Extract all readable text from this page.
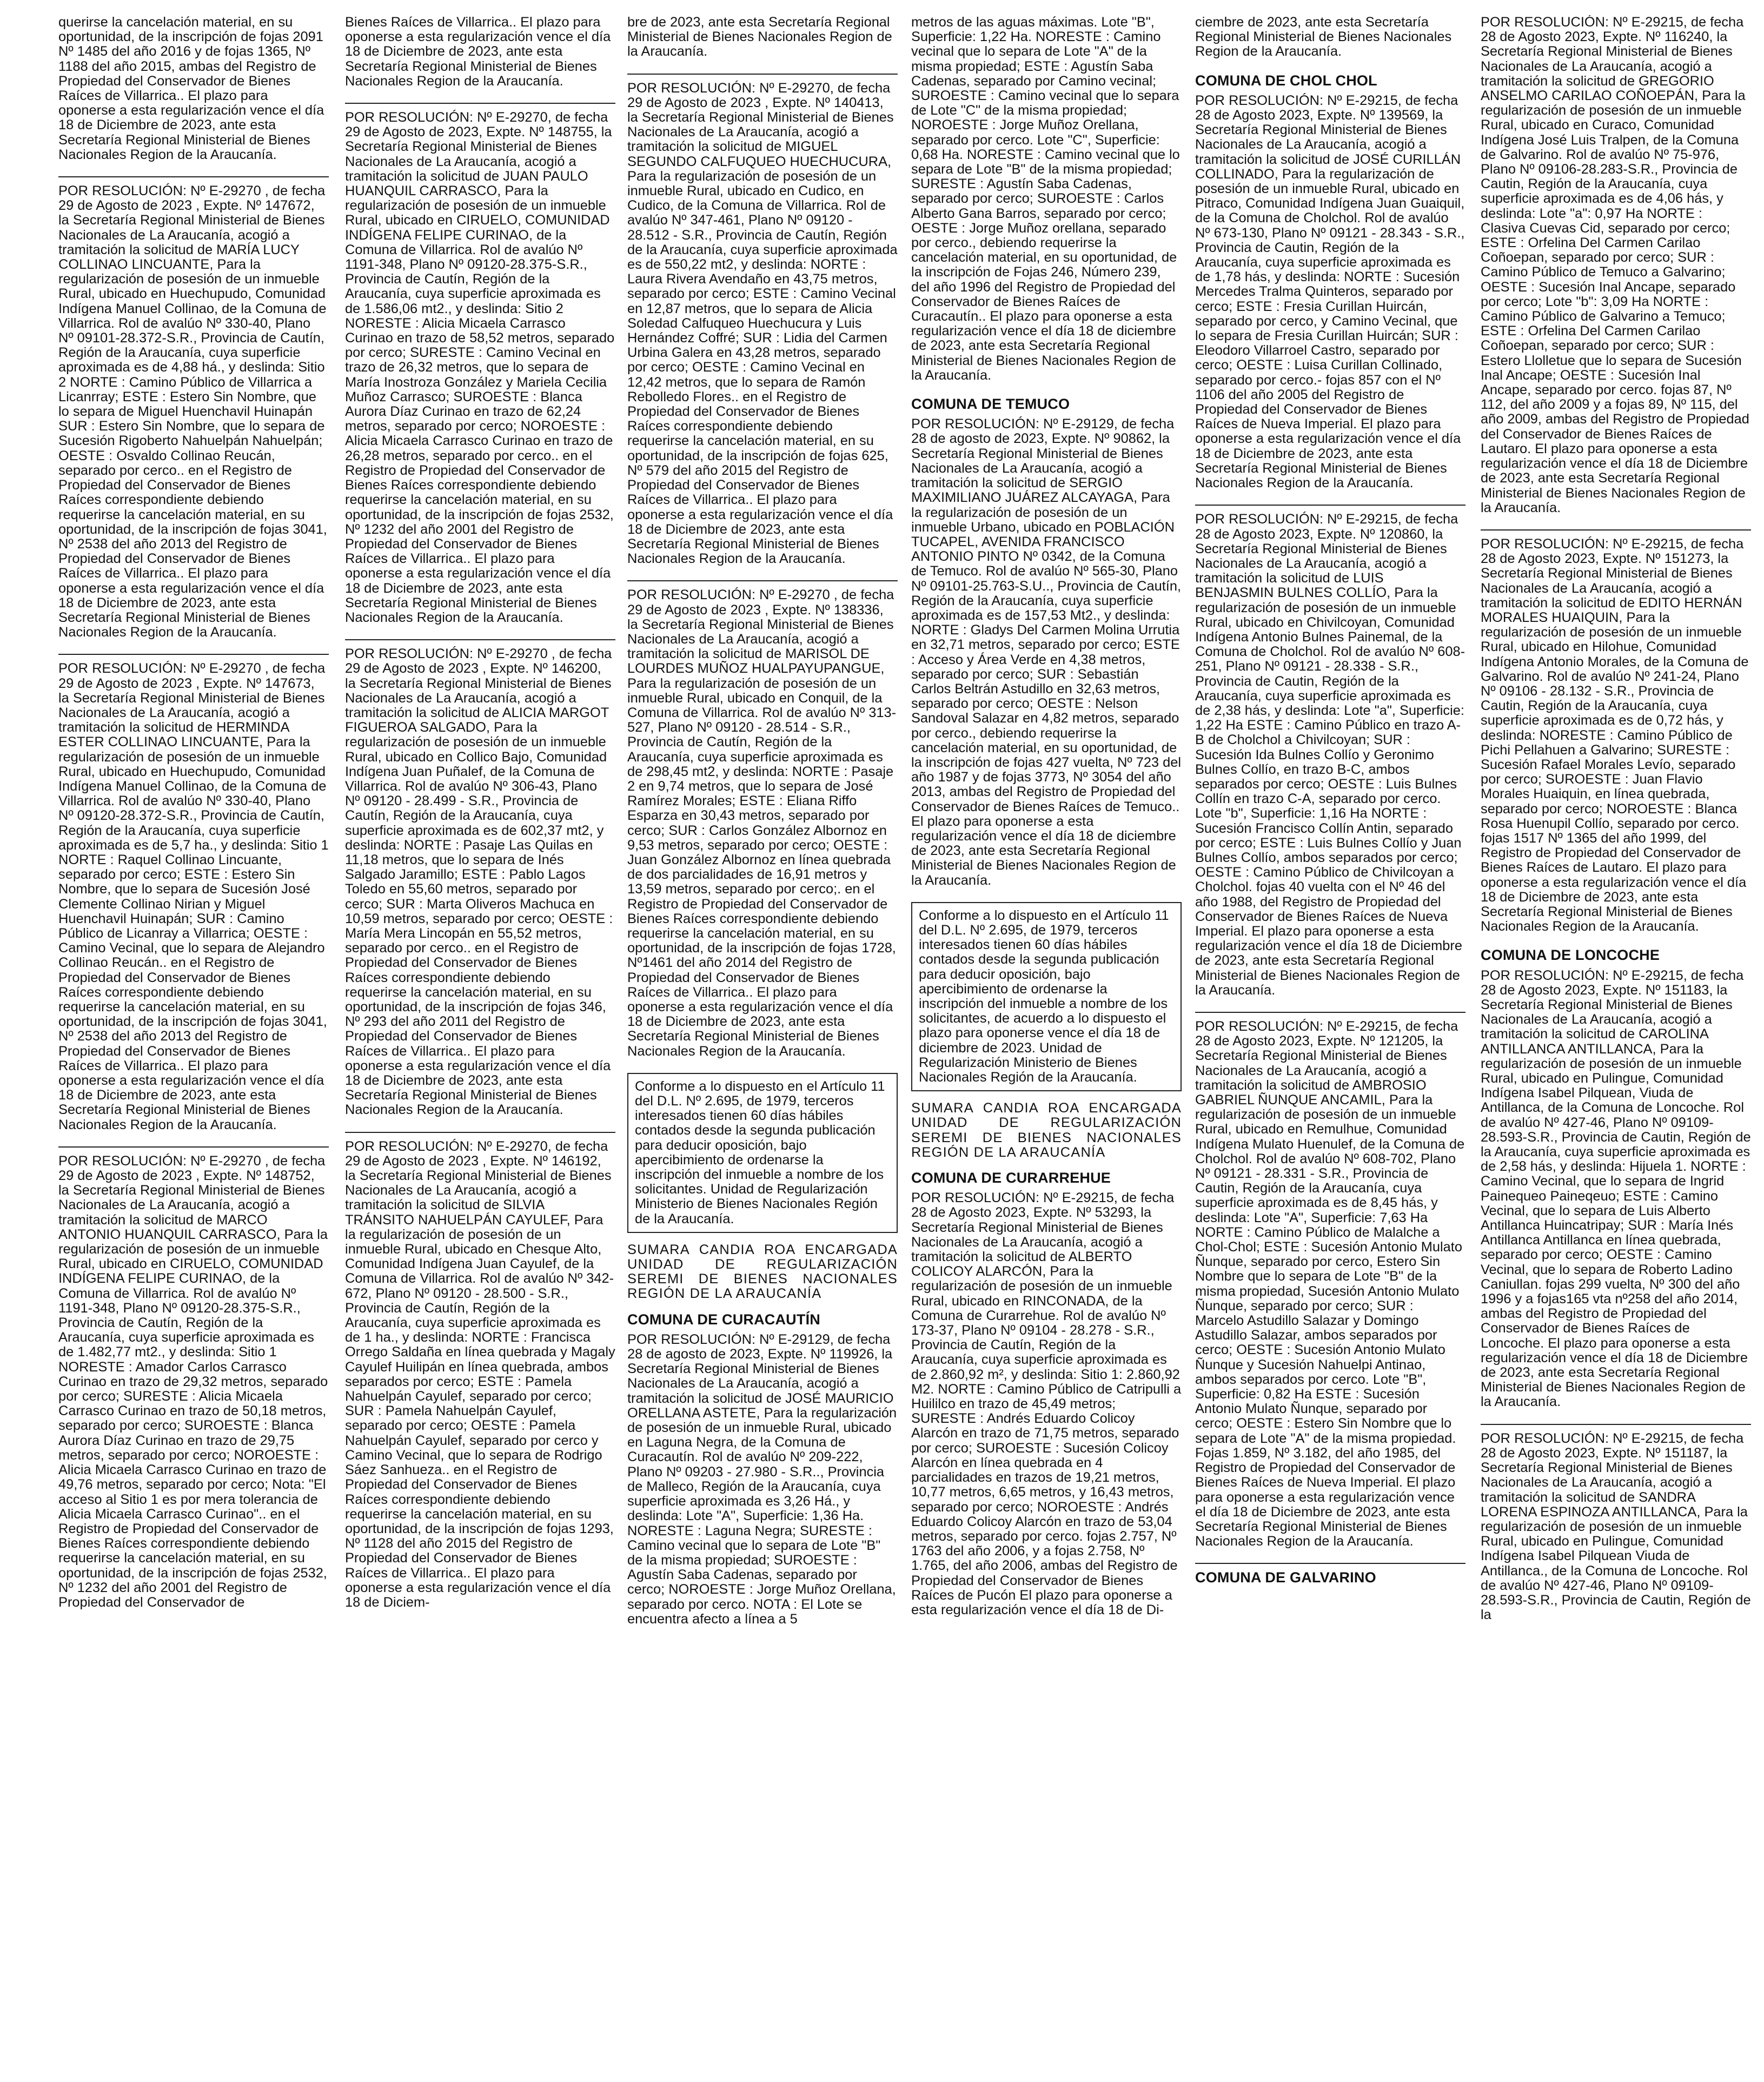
querirse la cancelación material, en su oportunidad, de la inscripción de fojas 2091 Nº 1485 del año 2016 y de fojas 1365, Nº 1188 del año 2015, ambas del Registro de Propiedad del Conservador de Bienes Raíces de Villarrica.. El plazo para oponerse a esta regularización vence el día 18 de Diciembre de 2023, ante esta Secretaría Regional Ministerial de Bienes Nacionales Region de la Araucanía.

POR RESOLUCIÓN: Nº E-29270 , de fecha 29 de Agosto de 2023 , Expte. Nº 147672, la Secretaría Regional Ministerial de Bienes Nacionales de La Araucanía, acogió a tramitación la solicitud de MARÍA LUCY COLLINAO LINCUANTE, Para la regularización de posesión de un inmueble Rural, ubicado en Huechupudo, Comunidad Indígena Manuel Collinao, de la Comuna de Villarrica. Rol de avalúo Nº 330-40, Plano Nº 09101-28.372-S.R., Provincia de Cautín, Región de la Araucanía, cuya superficie aproximada es de 4,88 há., y deslinda: Sitio 2 NORTE : Camino Público de Villarrica a Licanrray; ESTE : Estero Sin Nombre, que lo separa de Miguel Huenchavil Huinapán SUR : Estero Sin Nombre, que lo separa de Sucesión Rigoberto Nahuelpán Nahuelpán; OESTE : Osvaldo Collinao Reucán, separado por cerco.. en el Registro de Propiedad del Conservador de Bienes Raíces correspondiente debiendo requerirse la cancelación material, en su oportunidad, de la inscripción de fojas 3041, Nº 2538 del año 2013 del Registro de Propiedad del Conservador de Bienes Raíces de Villarrica.. El plazo para oponerse a esta regularización vence el día 18 de Diciembre de 2023, ante esta Secretaría Regional Ministerial de Bienes Nacionales Region de la Araucanía.

POR RESOLUCIÓN: Nº E-29270 , de fecha 29 de Agosto de 2023 , Expte. Nº 147673, la Secretaría Regional Ministerial de Bienes Nacionales de La Araucanía, acogió a tramitación la solicitud de HERMINDA ESTER COLLINAO LINCUANTE, Para la regularización de posesión de un inmueble Rural, ubicado en Huechupudo, Comunidad Indígena Manuel Collinao, de la Comuna de Villarrica. Rol de avalúo Nº 330-40, Plano Nº 09120-28.372-S.R., Provincia de Cautín, Región de la Araucanía, cuya superficie aproximada es de 5,7 ha., y deslinda: Sitio 1 NORTE : Raquel Collinao Lincuante, separado por cerco; ESTE : Estero Sin Nombre, que lo separa de Sucesión José Clemente Collinao Nirian y Miguel Huenchavil Huinapán; SUR : Camino Público de Licanray a Villarrica; OESTE : Camino Vecinal, que lo separa de Alejandro Collinao Reucán.. en el Registro de Propiedad del Conservador de Bienes Raíces correspondiente debiendo requerirse la cancelación material, en su oportunidad, de la inscripción de fojas 3041, Nº 2538 del año 2013 del Registro de Propiedad del Conservador de Bienes Raíces de Villarrica.. El plazo para oponerse a esta regularización vence el día 18 de Diciembre de 2023, ante esta Secretaría Regional Ministerial de Bienes Nacionales Region de la Araucanía.

POR RESOLUCIÓN: Nº E-29270 , de fecha 29 de Agosto de 2023 , Expte. Nº 148752, la Secretaría Regional Ministerial de Bienes Nacionales de La Araucanía, acogió a tramitación la solicitud de MARCO ANTONIO HUANQUIL CARRASCO, Para la regularización de posesión de un inmueble Rural, ubicado en CIRUELO, COMUNIDAD INDÍGENA FELIPE CURINAO, de la Comuna de Villarrica. Rol de avalúo Nº 1191-348, Plano Nº 09120-28.375-S.R., Provincia de Cautín, Región de la Araucanía, cuya superficie aproximada es de 1.482,77 mt2., y deslinda: Sitio 1 NORESTE : Amador Carlos Carrasco Curinao en trazo de 29,32 metros, separado por cerco; SURESTE : Alicia Micaela Carrasco Curinao en trazo de 50,18 metros, separado por cerco; SUROESTE : Blanca Aurora Díaz Curinao en trazo de 29,75 metros, separado por cerco; NOROESTE : Alicia Micaela Carrasco Curinao en trazo de 49,76 metros, separado por cerco; Nota: "El acceso al Sitio 1 es por mera tolerancia de Alicia Micaela Carrasco Curinao".. en el Registro de Propiedad del Conservador de Bienes Raíces correspondiente debiendo requerirse la cancelación material, en su oportunidad, de la inscripción de fojas 2532, Nº 1232 del año 2001 del Registro de Propiedad del Conservador de

Bienes Raíces de Villarrica.. El plazo para oponerse a esta regularización vence el día 18 de Diciembre de 2023, ante esta Secretaría Regional Ministerial de Bienes Nacionales Region de la Araucanía.

POR RESOLUCIÓN: Nº E-29270, de fecha 29 de Agosto de 2023, Expte. Nº 148755, la Secretaría Regional Ministerial de Bienes Nacionales de La Araucanía, acogió a tramitación la solicitud de JUAN PAULO HUANQUIL CARRASCO, Para la regularización de posesión de un inmueble Rural, ubicado en CIRUELO, COMUNIDAD INDÍGENA FELIPE CURINAO, de la Comuna de Villarrica. Rol de avalúo Nº 1191-348, Plano Nº 09120-28.375-S.R., Provincia de Cautín, Región de la Araucanía, cuya superficie aproximada es de 1.586,06 mt2., y deslinda: Sitio 2 NORESTE : Alicia Micaela Carrasco Curinao en trazo de 58,52 metros, separado por cerco; SURESTE : Camino Vecinal en trazo de 26,32 metros, que lo separa de María Inostroza González y Mariela Cecilia Muñoz Carrasco; SUROESTE : Blanca Aurora Díaz Curinao en trazo de 62,24 metros, separado por cerco; NOROESTE : Alicia Micaela Carrasco Curinao en trazo de 26,28 metros, separado por cerco.. en el Registro de Propiedad del Conservador de Bienes Raíces correspondiente debiendo requerirse la cancelación material, en su oportunidad, de la inscripción de fojas 2532, Nº 1232 del año 2001 del Registro de Propiedad del Conservador de Bienes Raíces de Villarrica.. El plazo para oponerse a esta regularización vence el día 18 de Diciembre de 2023, ante esta Secretaría Regional Ministerial de Bienes Nacionales Region de la Araucanía.

POR RESOLUCIÓN: Nº E-29270 , de fecha 29 de Agosto de 2023 , Expte. Nº 146200, la Secretaría Regional Ministerial de Bienes Nacionales de La Araucanía, acogió a tramitación la solicitud de ALICIA MARGOT FIGUEROA SALGADO, Para la regularización de posesión de un inmueble Rural, ubicado en Collico Bajo, Comunidad Indígena Juan Puñalef, de la Comuna de Villarrica. Rol de avalúo Nº 306-43, Plano Nº 09120 - 28.499 - S.R., Provincia de Cautín, Región de la Araucanía, cuya superficie aproximada es de 602,37 mt2, y deslinda: NORTE : Pasaje Las Quilas en 11,18 metros, que lo separa de Inés Salgado Jaramillo; ESTE : Pablo Lagos Toledo en 55,60 metros, separado por cerco; SUR : Marta Oliveros Machuca en 10,59 metros, separado por cerco; OESTE : María Mera Lincopán en 55,52 metros, separado por cerco.. en el Registro de Propiedad del Conservador de Bienes Raíces correspondiente debiendo requerirse la cancelación material, en su oportunidad, de la inscripción de fojas 346, Nº 293 del año 2011 del Registro de Propiedad del Conservador de Bienes Raíces de Villarrica.. El plazo para oponerse a esta regularización vence el día 18 de Diciembre de 2023, ante esta Secretaría Regional Ministerial de Bienes Nacionales Region de la Araucanía.

POR RESOLUCIÓN: Nº E-29270, de fecha 29 de Agosto de 2023 , Expte. Nº 146192, la Secretaría Regional Ministerial de Bienes Nacionales de La Araucanía, acogió a tramitación la solicitud de SILVIA TRÁNSITO NAHUELPÁN CAYULEF, Para la regularización de posesión de un inmueble Rural, ubicado en Chesque Alto, Comunidad Indígena Juan Cayulef, de la Comuna de Villarrica. Rol de avalúo Nº 342-672, Plano Nº 09120 - 28.500 - S.R., Provincia de Cautín, Región de la Araucanía, cuya superficie aproximada es de 1 ha., y deslinda: NORTE : Francisca Orrego Saldaña en línea quebrada y Magaly Cayulef Huilipán en línea quebrada, ambos separados por cerco; ESTE : Pamela Nahuelpán Cayulef, separado por cerco; SUR : Pamela Nahuelpán Cayulef, separado por cerco; OESTE : Pamela Nahuelpán Cayulef, separado por cerco y Camino Vecinal, que lo separa de Rodrigo Sáez Sanhueza.. en el Registro de Propiedad del Conservador de Bienes Raíces correspondiente debiendo requerirse la cancelación material, en su oportunidad, de la inscripción de fojas 1293, Nº 1128 del año 2015 del Registro de Propiedad del Conservador de Bienes Raíces de Villarrica.. El plazo para oponerse a esta regularización vence el día 18 de Diciem-

bre de 2023, ante esta Secretaría Regional Ministerial de Bienes Nacionales Region de la Araucanía.

POR RESOLUCIÓN: Nº E-29270, de fecha 29 de Agosto de 2023 , Expte. Nº 140413, la Secretaría Regional Ministerial de Bienes Nacionales de La Araucanía, acogió a tramitación la solicitud de MIGUEL SEGUNDO CALFUQUEO HUECHUCURA, Para la regularización de posesión de un inmueble Rural, ubicado en Cudico, en Cudico, de la Comuna de Villarrica. Rol de avalúo Nº 347-461, Plano Nº 09120 - 28.512 - S.R., Provincia de Cautín, Región de la Araucanía, cuya superficie aproximada es de 550,22 mt2, y deslinda: NORTE : Laura Rivera Avendaño en 43,75 metros, separado por cerco; ESTE : Camino Vecinal en 12,87 metros, que lo separa de Alicia Soledad Calfuqueo Huechucura y Luis Hernández Coffré; SUR : Lidia del Carmen Urbina Galera en 43,28 metros, separado por cerco; OESTE : Camino Vecinal en 12,42 metros, que lo separa de Ramón Rebolledo Flores.. en el Registro de Propiedad del Conservador de Bienes Raíces correspondiente debiendo requerirse la cancelación material, en su oportunidad, de la inscripción de fojas 625, Nº 579 del año 2015 del Registro de Propiedad del Conservador de Bienes Raíces de Villarrica.. El plazo para oponerse a esta regularización vence el día 18 de Diciembre de 2023, ante esta Secretaría Regional Ministerial de Bienes Nacionales Region de la Araucanía.

POR RESOLUCIÓN: Nº E-29270 , de fecha 29 de Agosto de 2023 , Expte. Nº 138336, la Secretaría Regional Ministerial de Bienes Nacionales de La Araucanía, acogió a tramitación la solicitud de MARISOL DE LOURDES MUÑOZ HUALPAYUPANGUE, Para la regularización de posesión de un inmueble Rural, ubicado en Conquil, de la Comuna de Villarrica. Rol de avalúo Nº 313-527, Plano Nº 09120 - 28.514 - S.R., Provincia de Cautín, Región de la Araucanía, cuya superficie aproximada es de 298,45 mt2, y deslinda: NORTE : Pasaje 2 en 9,74 metros, que lo separa de José Ramírez Morales; ESTE : Eliana Riffo Esparza en 30,43 metros, separado por cerco; SUR : Carlos González Albornoz en 9,53 metros, separado por cerco; OESTE : Juan González Albornoz en línea quebrada de dos parcialidades de 16,91 metros y 13,59 metros, separado por cerco;. en el Registro de Propiedad del Conservador de Bienes Raíces correspondiente debiendo requerirse la cancelación material, en su oportunidad, de la inscripción de fojas 1728, Nº1461 del año 2014 del Registro de Propiedad del Conservador de Bienes Raíces de Villarrica.. El plazo para oponerse a esta regularización vence el día 18 de Diciembre de 2023, ante esta Secretaría Regional Ministerial de Bienes Nacionales Region de la Araucanía.

Conforme a lo dispuesto en el Artículo 11 del D.L. Nº 2.695, de 1979, terceros interesados tienen 60 días hábiles contados desde la segunda publicación para deducir oposición, bajo apercibimiento de ordenarse la inscripción del inmueble a nombre de los solicitantes. Unidad de Regularización Ministerio de Bienes Nacionales Región de la Araucanía.

SUMARA CANDIA ROA ENCARGADA UNIDAD DE REGULARIZACIÓN SEREMI DE BIENES NACIONALES REGIÓN DE LA ARAUCANÍA

COMUNA DE CURACAUTÍN

POR RESOLUCIÓN: Nº E-29129, de fecha 28 de agosto de 2023, Expte. Nº 119926, la Secretaría Regional Ministerial de Bienes Nacionales de La Araucanía, acogió a tramitación la solicitud de JOSÉ MAURICIO ORELLANA ASTETE, Para la regularización de posesión de un inmueble Rural, ubicado en Laguna Negra, de la Comuna de Curacautín. Rol de avalúo Nº 209-222, Plano Nº 09203 - 27.980 - S.R.., Provincia de Malleco, Región de la Araucanía, cuya superficie aproximada es 3,26 Há., y deslinda: Lote "A", Superficie: 1,36 Ha. NORESTE : Laguna Negra; SURESTE : Camino vecinal que lo separa de Lote "B" de la misma propiedad; SUROESTE : Agustín Saba Cadenas, separado por cerco; NOROESTE : Jorge Muñoz Orellana, separado por cerco. NOTA : El Lote se encuentra afecto a línea a 5

metros de las aguas máximas. Lote "B", Superficie: 1,22 Ha. NORESTE : Camino vecinal que lo separa de Lote "A" de la misma propiedad; ESTE : Agustín Saba Cadenas, separado por Camino vecinal; SUROESTE : Camino vecinal que lo separa de Lote "C" de la misma propiedad; NOROESTE : Jorge Muñoz Orellana, separado por cerco. Lote "C", Superficie: 0,68 Ha. NORESTE : Camino vecinal que lo separa de Lote "B" de la misma propiedad; SURESTE : Agustín Saba Cadenas, separado por cerco; SUROESTE : Carlos Alberto Gana Barros, separado por cerco; OESTE : Jorge Muñoz orellana, separado por cerco., debiendo requerirse la cancelación material, en su oportunidad, de la inscripción de Fojas 246, Número 239, del año 1996 del Registro de Propiedad del Conservador de Bienes Raíces de Curacautín.. El plazo para oponerse a esta regularización vence el día 18 de diciembre de 2023, ante esta Secretaría Regional Ministerial de Bienes Nacionales Region de la Araucanía.

COMUNA DE TEMUCO

POR RESOLUCIÓN: Nº E-29129, de fecha 28 de agosto de 2023, Expte. Nº 90862, la Secretaría Regional Ministerial de Bienes Nacionales de La Araucanía, acogió a tramitación la solicitud de SERGIO MAXIMILIANO JUÁREZ ALCAYAGA, Para la regularización de posesión de un inmueble Urbano, ubicado en POBLACIÓN TUCAPEL, AVENIDA FRANCISCO ANTONIO PINTO Nº 0342, de la Comuna de Temuco. Rol de avalúo Nº 565-30, Plano Nº 09101-25.763-S.U.., Provincia de Cautín, Región de la Araucanía, cuya superficie aproximada es de 157,53 Mt2., y deslinda: NORTE : Gladys Del Carmen Molina Urrutia en 32,71 metros, separado por cerco; ESTE : Acceso y Área Verde en 4,38 metros, separado por cerco; SUR : Sebastián Carlos Beltrán Astudillo en 32,63 metros, separado por cerco; OESTE : Nelson Sandoval Salazar en 4,82 metros, separado por cerco., debiendo requerirse la cancelación material, en su oportunidad, de la inscripción de fojas 427 vuelta, Nº 723 del año 1987 y de fojas 3773, Nº 3054 del año 2013, ambas del Registro de Propiedad del Conservador de Bienes Raíces de Temuco.. El plazo para oponerse a esta regularización vence el día 18 de diciembre de 2023, ante esta Secretaría Regional Ministerial de Bienes Nacionales Region de la Araucanía.

Conforme a lo dispuesto en el Artículo 11 del D.L. Nº 2.695, de 1979, terceros interesados tienen 60 días hábiles contados desde la segunda publicación para deducir oposición, bajo apercibimiento de ordenarse la inscripción del inmueble a nombre de los solicitantes, de acuerdo a lo dispuesto el plazo para oponerse vence el día 18 de diciembre de 2023. Unidad de Regularización Ministerio de Bienes Nacionales Región de la Araucanía.

SUMARA CANDIA ROA ENCARGADA UNIDAD DE REGULARIZACIÓN SEREMI DE BIENES NACIONALES REGIÓN DE LA ARAUCANÍA

COMUNA DE CURARREHUE

POR RESOLUCIÓN: Nº E-29215, de fecha 28 de Agosto 2023, Expte. Nº 53293, la Secretaría Regional Ministerial de Bienes Nacionales de La Araucanía, acogió a tramitación la solicitud de ALBERTO COLICOY ALARCÓN, Para la regularización de posesión de un inmueble Rural, ubicado en RINCONADA, de la Comuna de Curarrehue. Rol de avalúo Nº 173-37, Plano Nº 09104 - 28.278 - S.R., Provincia de Cautín, Región de la Araucanía, cuya superficie aproximada es de 2.860,92 m², y deslinda: Sitio 1: 2.860,92 M2. NORTE : Camino Público de Catripulli a Huililco en trazo de 45,49 metros; SURESTE : Andrés Eduardo Colicoy Alarcón en trazo de 71,75 metros, separado por cerco; SUROESTE : Sucesión Colicoy Alarcón en línea quebrada en 4 parcialidades en trazos de 19,21 metros, 10,77 metros, 6,65 metros, y 16,43 metros, separado por cerco; NOROESTE : Andrés Eduardo Colicoy Alarcón en trazo de 53,04 metros, separado por cerco. fojas 2.757, Nº 1763 del año 2006, y a fojas 2.758, Nº 1.765, del año 2006, ambas del Registro de Propiedad del Conservador de Bienes Raíces de Pucón El plazo para oponerse a esta regularización vence el día 18 de Di-

ciembre de 2023, ante esta Secretaría Regional Ministerial de Bienes Nacionales Region de la Araucanía.

COMUNA DE CHOL CHOL

POR RESOLUCIÓN: Nº E-29215, de fecha 28 de Agosto 2023, Expte. Nº 139569, la Secretaría Regional Ministerial de Bienes Nacionales de La Araucanía, acogió a tramitación la solicitud de JOSÉ CURILLÁN COLLINADO, Para la regularización de posesión de un inmueble Rural, ubicado en Pitraco, Comunidad Indígena Juan Guaiquil, de la Comuna de Cholchol. Rol de avalúo Nº 673-130, Plano Nº 09121 - 28.343 - S.R., Provincia de Cautin, Región de la Araucanía, cuya superficie aproximada es de 1,78 hás, y deslinda: NORTE : Sucesión Mercedes Tralma Quinteros, separado por cerco; ESTE : Fresia Curillan Huircán, separado por cerco, y Camino Vecinal, que lo separa de Fresia Curillan Huircán; SUR : Eleodoro Villarroel Castro, separado por cerco; OESTE : Luisa Curillan Collinado, separado por cerco.- fojas 857 con el Nº 1106 del año 2005 del Registro de Propiedad del Conservador de Bienes Raíces de Nueva Imperial. El plazo para oponerse a esta regularización vence el día 18 de Diciembre de 2023, ante esta Secretaría Regional Ministerial de Bienes Nacionales Region de la Araucanía.

POR RESOLUCIÓN: Nº E-29215, de fecha 28 de Agosto 2023, Expte. Nº 120860, la Secretaría Regional Ministerial de Bienes Nacionales de La Araucanía, acogió a tramitación la solicitud de LUIS BENJASMIN BULNES COLLÍO, Para la regularización de posesión de un inmueble Rural, ubicado en Chivilcoyan, Comunidad Indígena Antonio Bulnes Painemal, de la Comuna de Cholchol. Rol de avalúo Nº 608-251, Plano Nº 09121 - 28.338 - S.R., Provincia de Cautin, Región de la Araucanía, cuya superficie aproximada es de 2,38 hás, y deslinda: Lote "a", Superficie: 1,22 Ha ESTE : Camino Público en trazo A-B de Cholchol a Chivilcoyan; SUR : Sucesión Ida Bulnes Collío y Geronimo Bulnes Collío, en trazo B-C, ambos separados por cerco; OESTE : Luis Bulnes Collín en trazo C-A, separado por cerco. Lote "b", Superficie: 1,16 Ha NORTE : Sucesión Francisco Collín Antin, separado por cerco; ESTE : Luis Bulnes Collío y Juan Bulnes Collío, ambos separados por cerco; OESTE : Camino Público de Chivilcoyan a Cholchol. fojas 40 vuelta con el Nº 46 del año 1988, del Registro de Propiedad del Conservador de Bienes Raíces de Nueva Imperial. El plazo para oponerse a esta regularización vence el día 18 de Diciembre de 2023, ante esta Secretaría Regional Ministerial de Bienes Nacionales Region de la Araucanía.

POR RESOLUCIÓN: Nº E-29215, de fecha 28 de Agosto 2023, Expte. Nº 121205, la Secretaría Regional Ministerial de Bienes Nacionales de La Araucanía, acogió a tramitación la solicitud de AMBROSIO GABRIEL ÑUNQUE ANCAMIL, Para la regularización de posesión de un inmueble Rural, ubicado en Remulhue, Comunidad Indígena Mulato Huenulef, de la Comuna de Cholchol. Rol de avalúo Nº 608-702, Plano Nº 09121 - 28.331 - S.R., Provincia de Cautin, Región de la Araucanía, cuya superficie aproximada es de 8,45 hás, y deslinda: Lote "A", Superficie: 7,63 Ha NORTE : Camino Público de Malalche a Chol-Chol; ESTE : Sucesión Antonio Mulato Ñunque, separado por cerco, Estero Sin Nombre que lo separa de Lote "B" de la misma propiedad, Sucesión Antonio Mulato Ñunque, separado por cerco; SUR : Marcelo Astudillo Salazar y Domingo Astudillo Salazar, ambos separados por cerco; OESTE : Sucesión Antonio Mulato Ñunque y Sucesión Nahuelpi Antinao, ambos separados por cerco. Lote "B", Superficie: 0,82 Ha ESTE : Sucesión Antonio Mulato Ñunque, separado por cerco; OESTE : Estero Sin Nombre que lo separa de Lote "A" de la misma propiedad. Fojas 1.859, Nº 3.182, del año 1985, del Registro de Propiedad del Conservador de Bienes Raíces de Nueva Imperial. El plazo para oponerse a esta regularización vence el día 18 de Diciembre de 2023, ante esta Secretaría Regional Ministerial de Bienes Nacionales Region de la Araucanía.

COMUNA DE GALVARINO

POR RESOLUCIÓN: Nº E-29215, de fecha 28 de Agosto 2023, Expte. Nº 116240, la Secretaría Regional Ministerial de Bienes Nacionales de La Araucanía, acogió a tramitación la solicitud de GREGORIO ANSELMO CARILAO COÑOEPÁN, Para la regularización de posesión de un inmueble Rural, ubicado en Curaco, Comunidad Indígena José Luis Tralpen, de la Comuna de Galvarino. Rol de avalúo Nº 75-976, Plano Nº 09106-28.283-S.R., Provincia de Cautin, Región de la Araucanía, cuya superficie aproximada es de 4,06 hás, y deslinda: Lote "a": 0,97 Ha NORTE : Clasiva Cuevas Cid, separado por cerco; ESTE : Orfelina Del Carmen Carilao Coñoepan, separado por cerco; SUR : Camino Público de Temuco a Galvarino; OESTE : Sucesión Inal Ancape, separado por cerco; Lote "b": 3,09 Ha NORTE : Camino Público de Galvarino a Temuco; ESTE : Orfelina Del Carmen Carilao Coñoepan, separado por cerco; SUR : Estero Llolletue que lo separa de Sucesión Inal Ancape; OESTE : Sucesión Inal Ancape, separado por cerco. fojas 87, Nº 112, del año 2009 y a fojas 89, Nº 115, del año 2009, ambas del Registro de Propiedad del Conservador de Bienes Raíces de Lautaro. El plazo para oponerse a esta regularización vence el día 18 de Diciembre de 2023, ante esta Secretaría Regional Ministerial de Bienes Nacionales Region de la Araucanía.

POR RESOLUCIÓN: Nº E-29215, de fecha 28 de Agosto 2023, Expte. Nº 151273, la Secretaría Regional Ministerial de Bienes Nacionales de La Araucanía, acogió a tramitación la solicitud de EDITO HERNÁN MORALES HUAIQUIN, Para la regularización de posesión de un inmueble Rural, ubicado en Hilohue, Comunidad Indígena Antonio Morales, de la Comuna de Galvarino. Rol de avalúo Nº 241-24, Plano Nº 09106 - 28.132 - S.R., Provincia de Cautin, Región de la Araucanía, cuya superficie aproximada es de 0,72 hás, y deslinda: NORESTE : Camino Público de Pichi Pellahuen a Galvarino; SURESTE : Sucesión Rafael Morales Levío, separado por cerco; SUROESTE : Juan Flavio Morales Huaiquin, en línea quebrada, separado por cerco; NOROESTE : Blanca Rosa Huenupil Collío, separado por cerco. fojas 1517 Nº 1365 del año 1999, del Registro de Propiedad del Conservador de Bienes Raíces de Lautaro. El plazo para oponerse a esta regularización vence el día 18 de Diciembre de 2023, ante esta Secretaría Regional Ministerial de Bienes Nacionales Region de la Araucanía.

COMUNA DE LONCOCHE

POR RESOLUCIÓN: Nº E-29215, de fecha 28 de Agosto 2023, Expte. Nº 151183, la Secretaría Regional Ministerial de Bienes Nacionales de La Araucanía, acogió a tramitación la solicitud de CAROLINA ANTILLANCA ANTILLANCA, Para la regularización de posesión de un inmueble Rural, ubicado en Pulingue, Comunidad Indígena Isabel Pilquean, Viuda de Antillanca, de la Comuna de Loncoche. Rol de avalúo Nº 427-46, Plano Nº 09109-28.593-S.R., Provincia de Cautin, Región de la Araucanía, cuya superficie aproximada es de 2,58 hás, y deslinda: Hijuela 1. NORTE : Camino Vecinal, que lo separa de Ingrid Painequeo Paineqeuo; ESTE : Camino Vecinal, que lo separa de Luis Alberto Antillanca Huincatripay; SUR : María Inés Antillanca Antillanca en línea quebrada, separado por cerco; OESTE : Camino Vecinal, que lo separa de Roberto Ladino Caniullan. fojas 299 vuelta, Nº 300 del año 1996 y a fojas165 vta nº258 del año 2014, ambas del Registro de Propiedad del Conservador de Bienes Raíces de Loncoche. El plazo para oponerse a esta regularización vence el día 18 de Diciembre de 2023, ante esta Secretaría Regional Ministerial de Bienes Nacionales Region de la Araucanía.

POR RESOLUCIÓN: Nº E-29215, de fecha 28 de Agosto 2023, Expte. Nº 151187, la Secretaría Regional Ministerial de Bienes Nacionales de La Araucanía, acogió a tramitación la solicitud de SANDRA LORENA ESPINOZA ANTILLANCA, Para la regularización de posesión de un inmueble Rural, ubicado en Pulingue, Comunidad Indígena Isabel Pilquean Viuda de Antillanca., de la Comuna de Loncoche. Rol de avalúo Nº 427-46, Plano Nº 09109-28.593-S.R., Provincia de Cautin, Región de la
